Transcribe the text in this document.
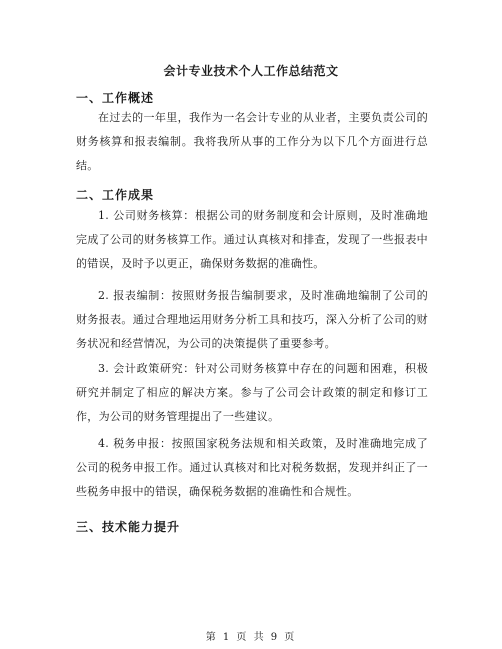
会计专业技术个人工作总结范文
一、工作概述
在过去的一年里，我作为一名会计专业的从业者，主要负责公司的财务核算和报表编制。我将我所从事的工作分为以下几个方面进行总结。
二、工作成果
1. 公司财务核算：根据公司的财务制度和会计原则，及时准确地完成了公司的财务核算工作。通过认真核对和排查，发现了一些报表中的错误，及时予以更正，确保财务数据的准确性。
2. 报表编制：按照财务报告编制要求，及时准确地编制了公司的财务报表。通过合理地运用财务分析工具和技巧，深入分析了公司的财务状况和经营情况，为公司的决策提供了重要参考。
3. 会计政策研究：针对公司财务核算中存在的问题和困难，积极研究并制定了相应的解决方案。参与了公司会计政策的制定和修订工作，为公司的财务管理提出了一些建议。
4. 税务申报：按照国家税务法规和相关政策，及时准确地完成了公司的税务申报工作。通过认真核对和比对税务数据，发现并纠正了一些税务申报中的错误，确保税务数据的准确性和合规性。
三、技术能力提升
第 1 页 共 9 页
